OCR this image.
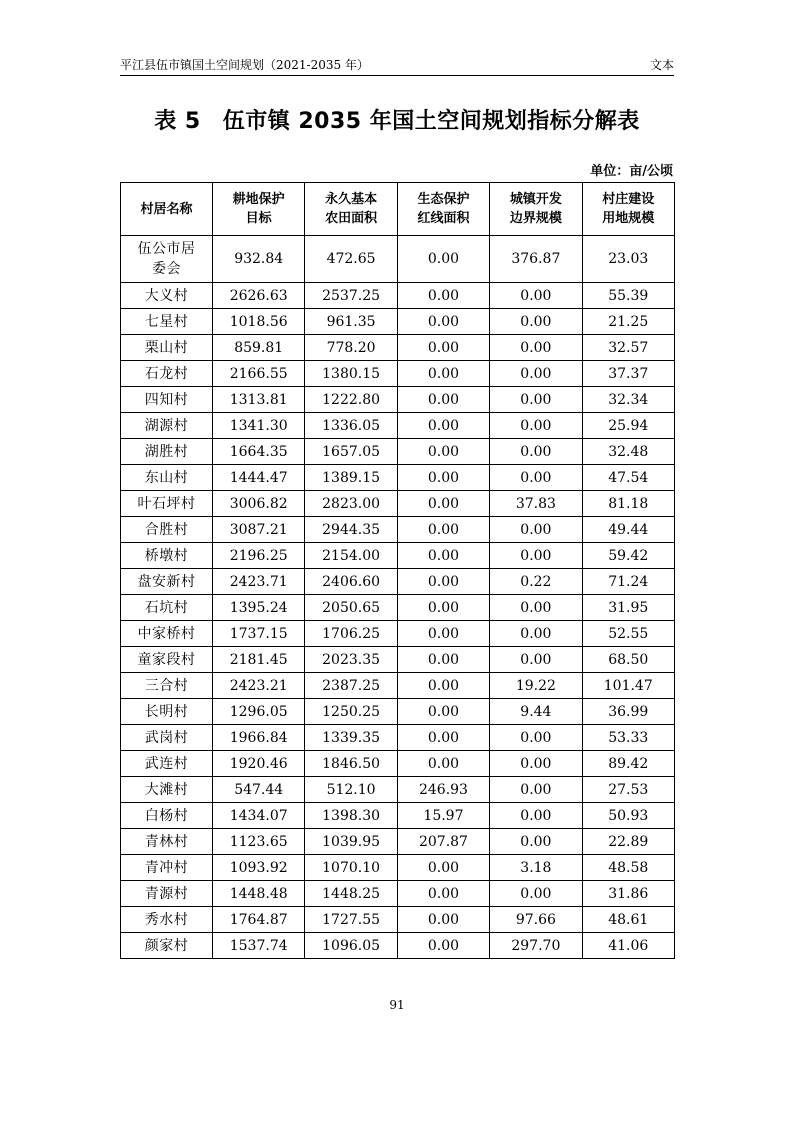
平江县伍市镇国土空间规划（2021-2035 年）	文本
表 5 伍市镇 2035 年国土空间规划指标分解表
单位：亩/公顷
村居名称	耕地保护目标	永久基本农田面积	生态保护红线面积	城镇开发边界规模	村庄建设用地规模
伍公市居委会	932.84	472.65	0.00	376.87	23.03
大义村	2626.63	2537.25	0.00	0.00	55.39
七星村	1018.56	961.35	0.00	0.00	21.25
栗山村	859.81	778.20	0.00	0.00	32.57
石龙村	2166.55	1380.15	0.00	0.00	37.37
四知村	1313.81	1222.80	0.00	0.00	32.34
湖源村	1341.30	1336.05	0.00	0.00	25.94
湖胜村	1664.35	1657.05	0.00	0.00	32.48
东山村	1444.47	1389.15	0.00	0.00	47.54
叶石坪村	3006.82	2823.00	0.00	37.83	81.18
合胜村	3087.21	2944.35	0.00	0.00	49.44
桥墩村	2196.25	2154.00	0.00	0.00	59.42
盘安新村	2423.71	2406.60	0.00	0.22	71.24
石坑村	1395.24	2050.65	0.00	0.00	31.95
中家桥村	1737.15	1706.25	0.00	0.00	52.55
童家段村	2181.45	2023.35	0.00	0.00	68.50
三合村	2423.21	2387.25	0.00	19.22	101.47
长明村	1296.05	1250.25	0.00	9.44	36.99
武岗村	1966.84	1339.35	0.00	0.00	53.33
武连村	1920.46	1846.50	0.00	0.00	89.42
大滩村	547.44	512.10	246.93	0.00	27.53
白杨村	1434.07	1398.30	15.97	0.00	50.93
青林村	1123.65	1039.95	207.87	0.00	22.89
青冲村	1093.92	1070.10	0.00	3.18	48.58
青源村	1448.48	1448.25	0.00	0.00	31.86
秀水村	1764.87	1727.55	0.00	97.66	48.61
颜家村	1537.74	1096.05	0.00	297.70	41.06
91
